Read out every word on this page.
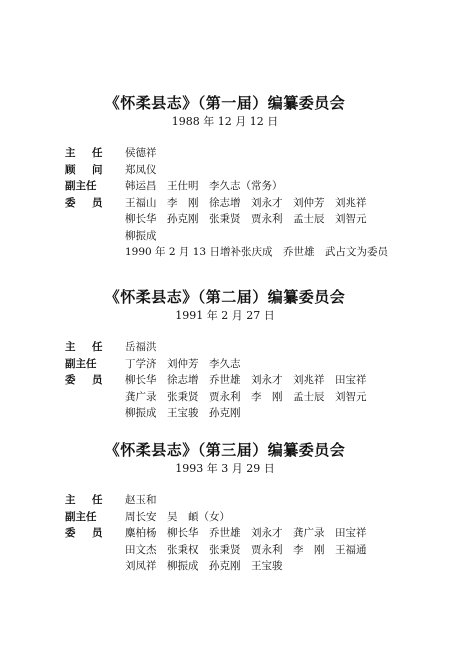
《怀柔县志》（第一届）编纂委员会
1988 年 12 月 12 日
主　任	侯德祥
顾　问	郑凤仪
副主任	韩运昌　王仕明　李久志（常务）
委　员	王福山　李　刚　徐志增　刘永才　刘仲芳　刘兆祥
柳长华　孙克刚　张秉贤　贾永利　孟士辰　刘智元
柳振成
1990 年 2 月 13 日增补张庆成　乔世雄　武占文为委员
《怀柔县志》（第二届）编纂委员会
1991 年 2 月 27 日
主　任	岳福洪
副主任	丁学济　刘仲芳　李久志
委　员	柳长华　徐志增　乔世雄　刘永才　刘兆祥　田宝祥
龚广录　张秉贤　贾永利　李　刚　孟士辰　刘智元
柳振成　王宝骏　孙克刚
《怀柔县志》（第三届）编纂委员会
1993 年 3 月 29 日
主　任	赵玉和
副主任	周长安　吴　頔（女）
委　员	麋柏杨　柳长华　乔世雄　刘永才　龚广录　田宝祥
田文杰　张秉权　张秉贤　贾永利　李　刚　王福通
刘凤祥　柳振成　孙克刚　王宝骏
